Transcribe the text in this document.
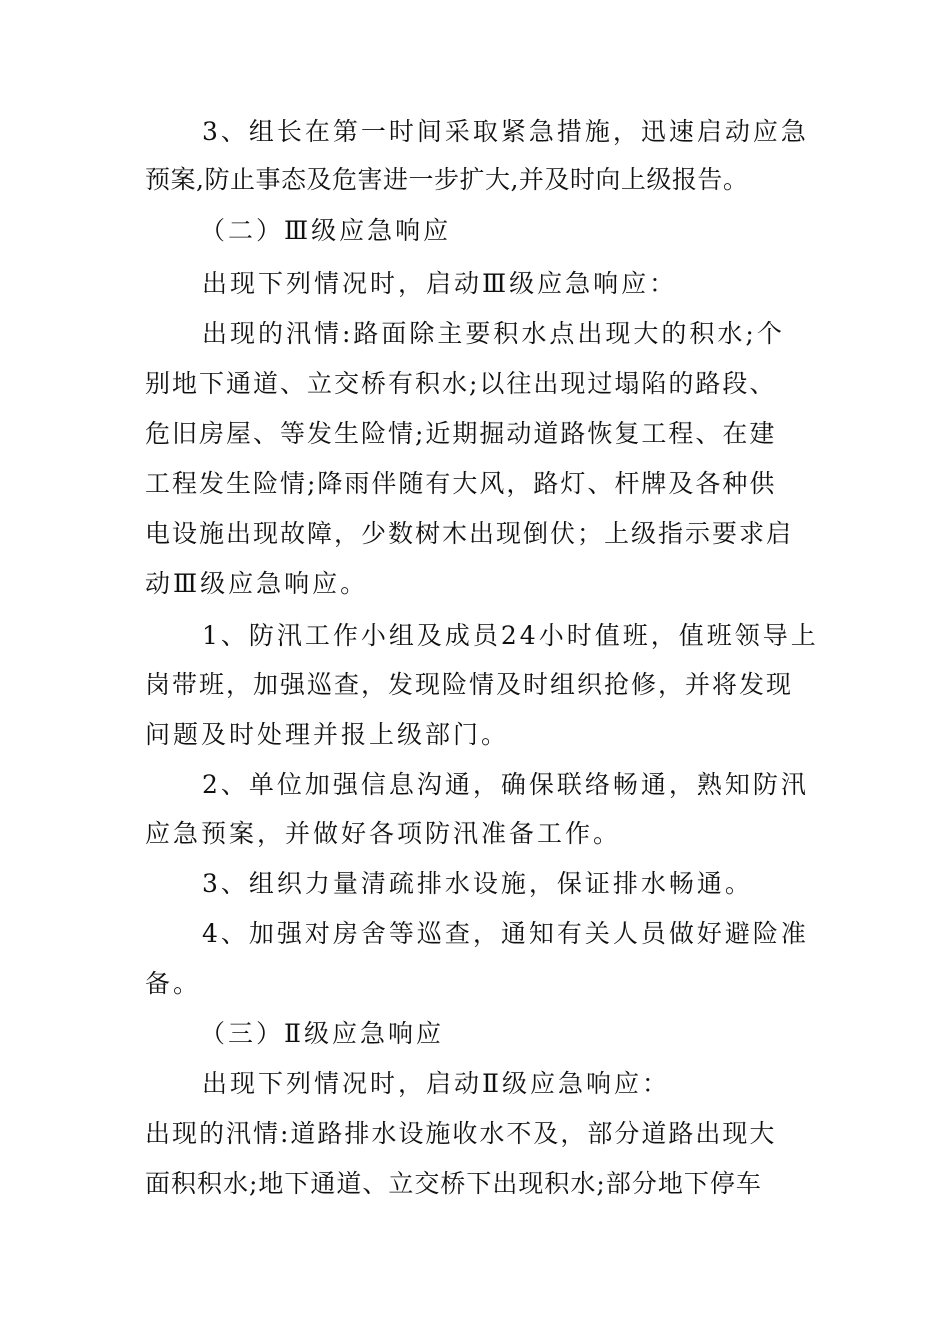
3、组长在第一时间采取紧急措施，迅速启动应急
预案,防止事态及危害进一步扩大,并及时向上级报告。
（二）Ⅲ级应急响应
出现下列情况时，启动Ⅲ级应急响应：
出现的汛情:路面除主要积水点出现大的积水;个
别地下通道、立交桥有积水;以往出现过塌陷的路段、
危旧房屋、等发生险情;近期掘动道路恢复工程、在建
工程发生险情;降雨伴随有大风，路灯、杆牌及各种供
电设施出现故障，少数树木出现倒伏；上级指示要求启
动Ⅲ级应急响应。
1、防汛工作小组及成员24小时值班，值班领导上
岗带班，加强巡查，发现险情及时组织抢修，并将发现
问题及时处理并报上级部门。
2、单位加强信息沟通，确保联络畅通，熟知防汛
应急预案，并做好各项防汛准备工作。
3、组织力量清疏排水设施，保证排水畅通。
4、加强对房舍等巡查，通知有关人员做好避险准
备。
（三）Ⅱ级应急响应
出现下列情况时，启动Ⅱ级应急响应：
出现的汛情:道路排水设施收水不及，部分道路出现大
面积积水;地下通道、立交桥下出现积水;部分地下停车
